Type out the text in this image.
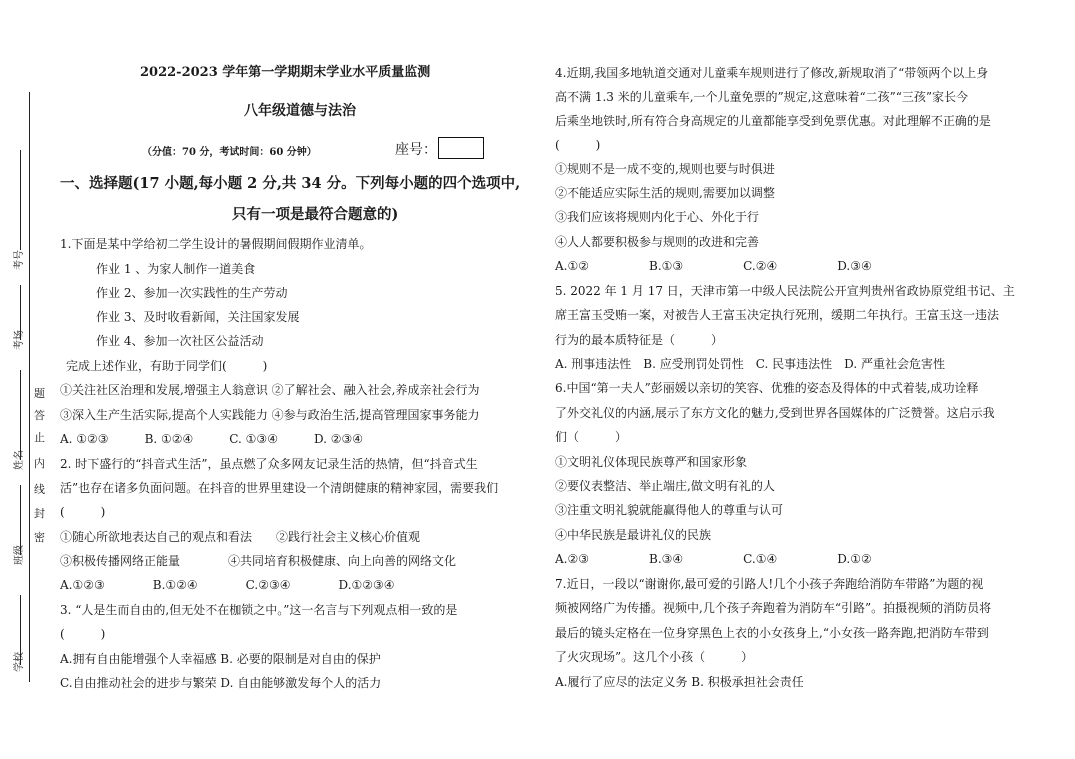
考号
考场
姓名
班级
学校
题
答
止
内
线
封
密
2022-2023 学年第一学期期末学业水平质量监测
八年级道德与法治
（分值：70 分，考试时间：60 分钟）	座号：
一、选择题(17 小题,每小题 2 分,共 34 分。下列每小题的四个选项中,
只有一项是最符合题意的)
1.下面是某中学给初二学生设计的暑假期间假期作业清单。
作业 1 、为家人制作一道美食
作业 2、参加一次实践性的生产劳动
作业 3、及时收看新闻，关注国家发展
作业 4、参加一次社区公益活动
完成上述作业，有助于同学们(　　　)
①关注社区治理和发展,增强主人翁意识 ②了解社会、融入社会,养成亲社会行为
③深入生产生活实际,提高个人实践能力 ④参与政治生活,提高管理国家事务能力
A. ①②③　　　B. ①②④　　　C. ①③④　　　D. ②③④
2. 时下盛行的“抖音式生活”，虽点燃了众多网友记录生活的热情，但“抖音式生
活”也存在诸多负面问题。在抖音的世界里建设一个清朗健康的精神家园，需要我们
(　　　)
①随心所欲地表达自己的观点和看法　　②践行社会主义核心价值观
③积极传播网络正能量　　　　④共同培育积极健康、向上向善的网络文化
A.①②③　　　　B.①②④　　　　C.②③④　　　　D.①②③④
3. “人是生而自由的,但无处不在枷锁之中。”这一名言与下列观点相一致的是
(　　　)
A.拥有自由能增强个人幸福感 B. 必要的限制是对自由的保护
C.自由推动社会的进步与繁荣 D. 自由能够激发每个人的活力
4.近期,我国多地轨道交通对儿童乘车规则进行了修改,新规取消了“带领两个以上身
高不满 1.3 米的儿童乘车,一个儿童免票的”规定,这意味着“二孩”“三孩”家长今
后乘坐地铁时,所有符合身高规定的儿童都能享受到免票优惠。对此理解不正确的是
(　　　)
①规则不是一成不变的,规则也要与时俱进
②不能适应实际生活的规则,需要加以调整
③我们应该将规则内化于心、外化于行
④人人都要积极参与规则的改进和完善
A.①②　　　　　B.①③　　　　　C.②④　　　　　D.③④
5. 2022 年 1 月 17 日，天津市第一中级人民法院公开宣判贵州省政协原党组书记、主
席王富玉受贿一案，对被告人王富玉决定执行死刑，缓期二年执行。王富玉这一违法
行为的最本质特征是（　　　）
A. 刑事违法性　B. 应受刑罚处罚性　C. 民事违法性　D. 严重社会危害性
6.中国“第一夫人”彭丽媛以亲切的笑容、优雅的姿态及得体的中式着装,成功诠释
了外交礼仪的内涵,展示了东方文化的魅力,受到世界各国媒体的广泛赞誉。这启示我
们（　　　）
①文明礼仪体现民族尊严和国家形象
②要仪表整洁、举止端庄,做文明有礼的人
③注重文明礼貌就能赢得他人的尊重与认可
④中华民族是最讲礼仪的民族
A.②③　　　　　B.③④　　　　　C.①④　　　　　D.①②
7.近日，一段以“谢谢你,最可爱的引路人!几个小孩子奔跑给消防车带路”为题的视
频被网络广为传播。视频中,几个孩子奔跑着为消防车“引路”。拍摄视频的消防员将
最后的镜头定格在一位身穿黑色上衣的小女孩身上,“小女孩一路奔跑,把消防车带到
了火灾现场”。这几个小孩（　　　）
A.履行了应尽的法定义务 B. 积极承担社会责任
